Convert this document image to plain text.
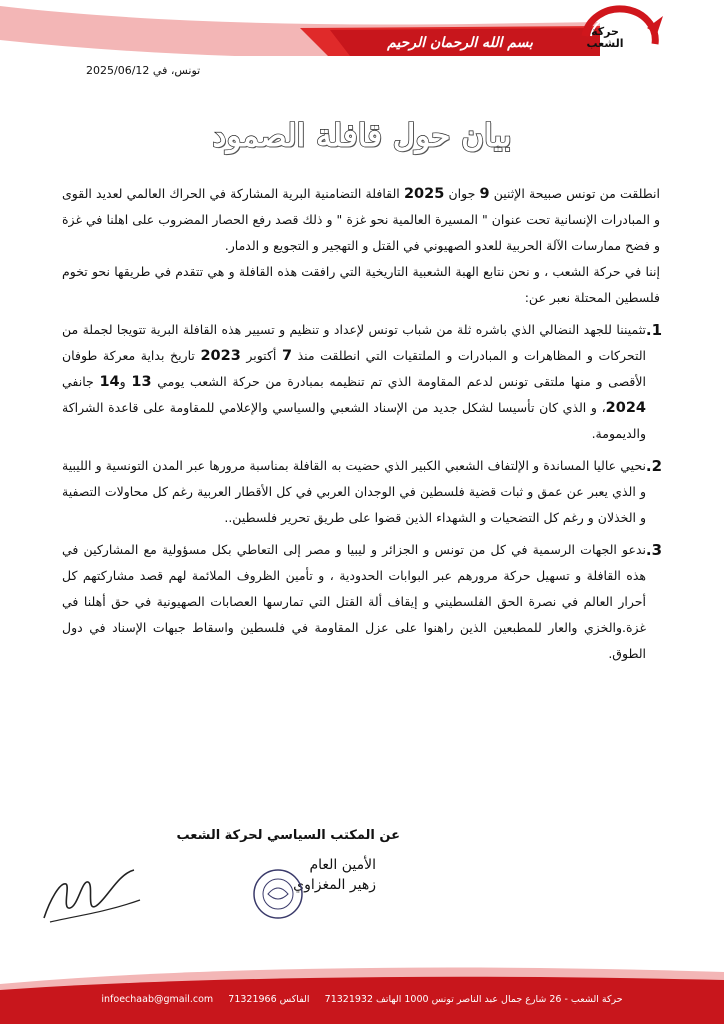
بسم الله الرحمان الرحيم
حركة
الشعب
تونس، في 2025/06/12
بيان حول قافلة الصمود

انطلقت من تونس صبيحة الإثنين 9 جوان 2025 القافلة التضامنية البرية المشاركة في الحراك العالمي لعديد القوى و المبادرات الإنسانية تحت عنوان " المسيرة العالمية نحو غزة " و ذلك قصد رفع الحصار المضروب على اهلنا في غزة و فضح ممارسات الآلة الحربية للعدو الصهيوني في القتل و التهجير و التجويع و الدمار.

إننا في حركة الشعب ، و نحن نتابع الهبة الشعبية التاريخية التي رافقت هذه القافلة و هي تتقدم في طريقها نحو تخوم فلسطين المحتلة نعبر عن:

1.
تثميننا للجهد النضالي الذي باشره ثلة من شباب تونس لإعداد و تنظيم و تسيير هذه القافلة البرية تتويجا لجملة من التحركات و المظاهرات و المبادرات و الملتقيات التي انطلقت منذ 7 أكتوبر 2023 تاريخ بداية معركة طوفان الأقصى و منها ملتقى تونس لدعم المقاومة الذي تم تنظيمه بمبادرة من حركة الشعب يومي 13 و14 جانفي 2024، و الذي كان تأسيسا لشكل جديد من الإسناد الشعبي والسياسي والإعلامي للمقاومة على قاعدة الشراكة والديمومة.
2.
نحيي عاليا المساندة و الإلتفاف الشعبي الكبير الذي حضيت به القافلة بمناسبة مرورها عبر المدن التونسية و الليبية و الذي يعبر عن عمق و ثبات قضية فلسطين في الوجدان العربي في كل الأقطار العربية رغم كل محاولات التصفية و الخذلان و رغم كل التضحيات و الشهداء الذين قضوا على طريق تحرير فلسطين..
3.
ندعو الجهات الرسمية في كل من تونس و الجزائر و ليبيا و مصر إلى التعاطي بكل مسؤولية مع المشاركين في هذه القافلة و تسهيل حركة مرورهم عبر البوابات الحدودية ، و تأمين الظروف الملائمة لهم قصد مشاركتهم كل أحرار العالم في نصرة الحق الفلسطيني و إيقاف ألة القتل التي تمارسها العصابات الصهيونية في حق أهلنا في غزة.والخزي والعار للمطبعين الذين راهنوا على عزل المقاومة في فلسطين واسقاط جبهات الإسناد في دول الطوق.
عن المكتب السياسي لحركة الشعب
الأمين العام
زهير المغزاوي
حركة الشعب - 26 شارع جمال عبد الناصر تونس 1000 الهاتف 71321932     الفاكس 71321966     infoechaab@gmail.com
